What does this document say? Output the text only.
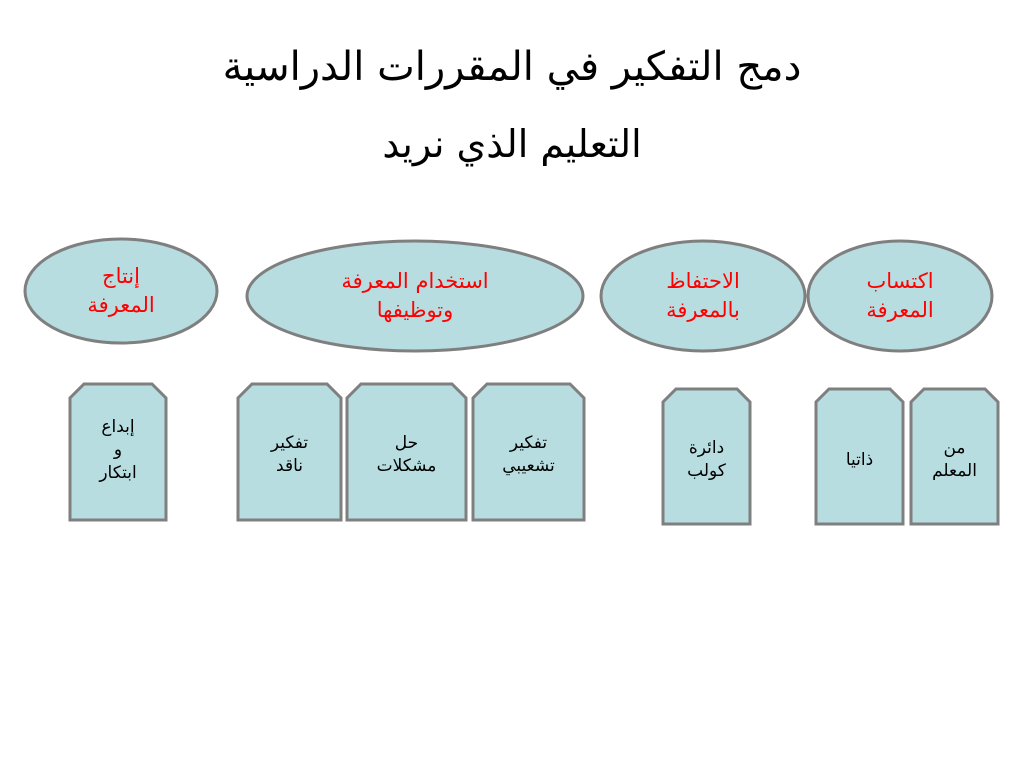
دمج التفكير في المقررات الدراسية
التعليم الذي نريد
اكتساب
المعرفة
الاحتفاظ
بالمعرفة
استخدام المعرفة
وتوظيفها
إنتاج
المعرفة
من
المعلم
ذاتيا
دائرة
كولب
تفكير
تشعيبي
حل
مشكلات
تفكير
ناقد
إبداع
و
ابتكار
